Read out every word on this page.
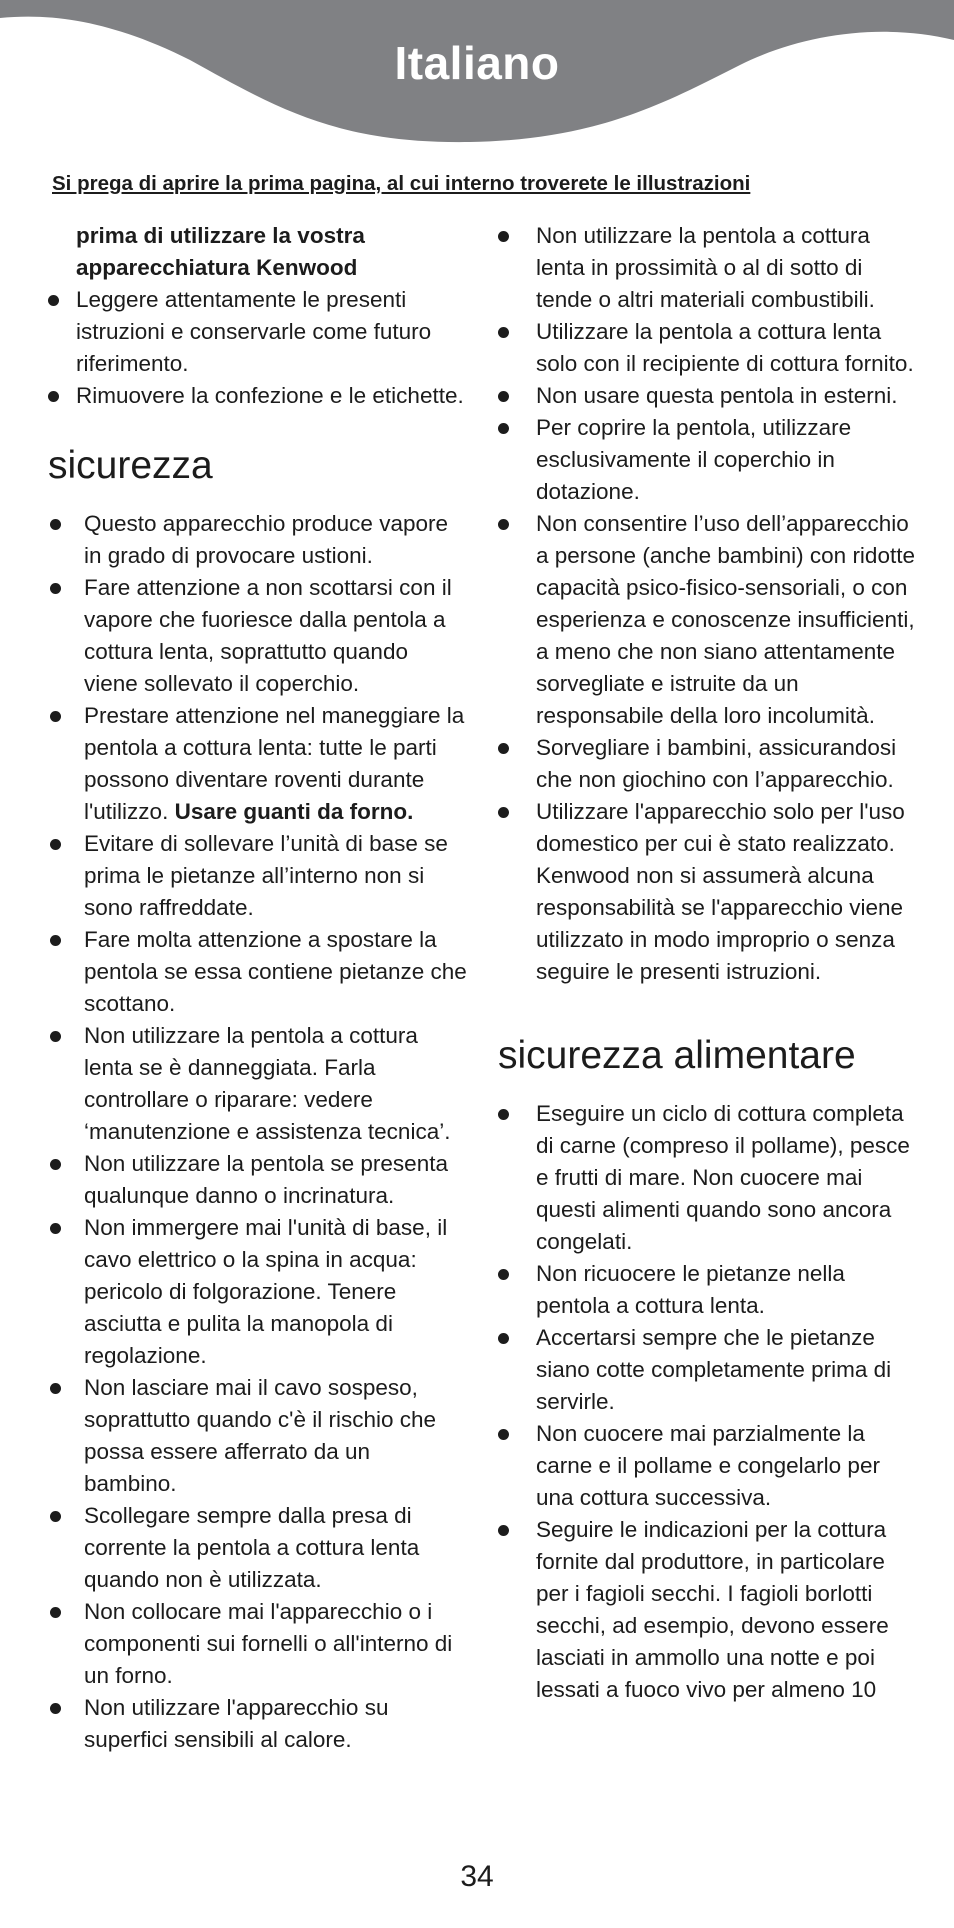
Italiano
Si prega di aprire la prima pagina, al cui interno troverete le illustrazioni

prima di utilizzare la vostra apparecchiatura Kenwood

Leggere attentamente le presenti istruzioni e conservarle come futuro riferimento.
Rimuovere la confezione e le etichette.
sicurezza
Questo apparecchio produce vapore in grado di provocare ustioni.
Fare attenzione a non scottarsi con il vapore che fuoriesce dalla pentola a cottura lenta, soprattutto quando viene sollevato il coperchio.
Prestare attenzione nel maneggiare la pentola a cottura lenta: tutte le parti possono diventare roventi durante l'utilizzo. Usare guanti da forno.
Evitare di sollevare l’unità di base se prima le pietanze all’interno non si sono raffreddate.
Fare molta attenzione a spostare la pentola se essa contiene pietanze che scottano.
Non utilizzare la pentola a cottura lenta se è danneggiata. Farla controllare o riparare: vedere ‘manutenzione e assistenza tecnica’.
Non utilizzare la pentola se presenta qualunque danno o incrinatura.
Non immergere mai l'unità di base, il cavo elettrico o la spina in acqua: pericolo di folgorazione. Tenere asciutta e pulita la manopola di regolazione.
Non lasciare mai il cavo sospeso, soprattutto quando c'è il rischio che possa essere afferrato da un bambino.
Scollegare sempre dalla presa di corrente la pentola a cottura lenta quando non è utilizzata.
Non collocare mai l'apparecchio o i componenti sui fornelli o all'interno di un forno.
Non utilizzare l'apparecchio su superfici sensibili al calore.
Non utilizzare la pentola a cottura lenta in prossimità o al di sotto di tende o altri materiali combustibili.
Utilizzare la pentola a cottura lenta solo con il recipiente di cottura fornito.
Non usare questa pentola in esterni.
Per coprire la pentola, utilizzare esclusivamente il coperchio in dotazione.
Non consentire l’uso dell’apparecchio a persone (anche bambini) con ridotte capacità psico-fisico-sensoriali, o con esperienza e conoscenze insufficienti, a meno che non siano attentamente sorvegliate e istruite da un responsabile della loro incolumità.
Sorvegliare i bambini, assicurandosi che non giochino con l’apparecchio.
Utilizzare l'apparecchio solo per l'uso domestico per cui è stato realizzato. Kenwood non si assumerà alcuna responsabilità se l'apparecchio viene utilizzato in modo improprio o senza seguire le presenti istruzioni.
sicurezza alimentare
Eseguire un ciclo di cottura completa di carne (compreso il pollame), pesce e frutti di mare. Non cuocere mai questi alimenti quando sono ancora congelati.
Non ricuocere le pietanze nella pentola a cottura lenta.
Accertarsi sempre che le pietanze siano cotte completamente prima di servirle.
Non cuocere mai parzialmente la carne e il pollame e congelarlo per una cottura successiva.
Seguire le indicazioni per la cottura fornite dal produttore, in particolare per i fagioli secchi. I fagioli borlotti secchi, ad esempio, devono essere lasciati in ammollo una notte e poi lessati a fuoco vivo per almeno 10
34
